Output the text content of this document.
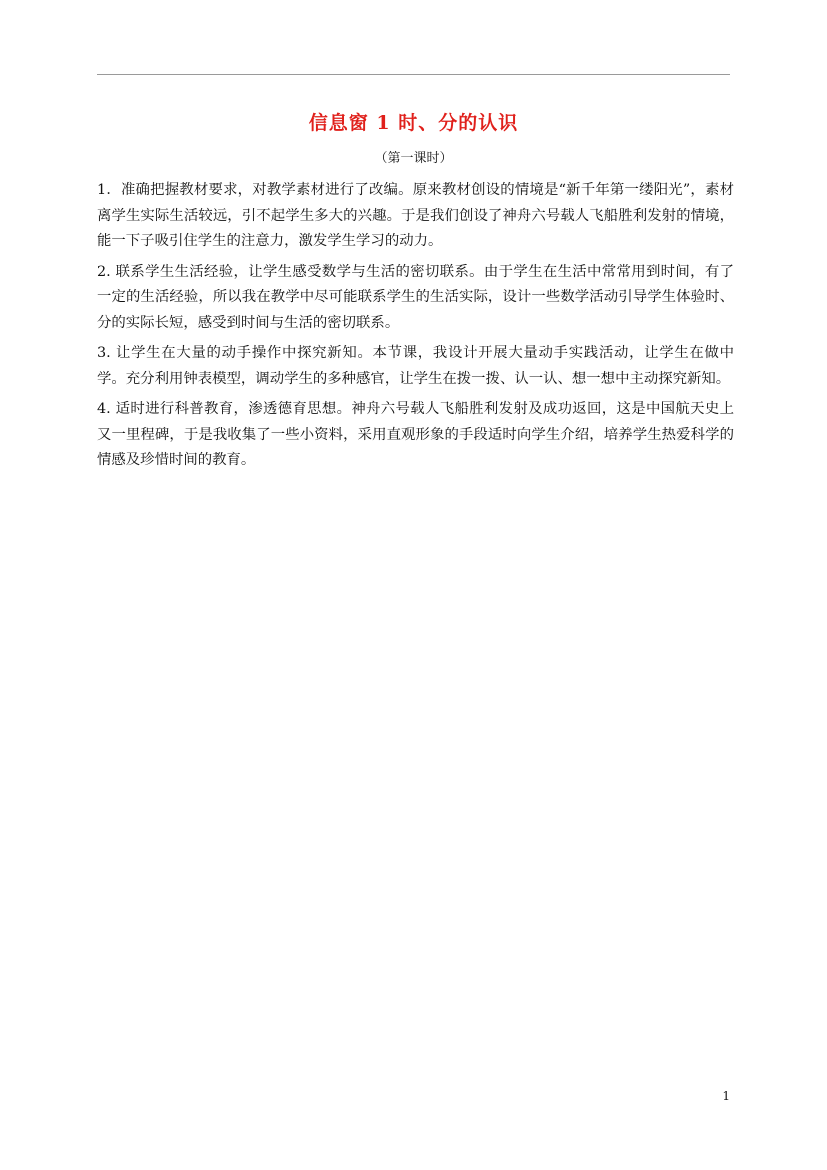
信息窗 1 时、分的认识
（第一课时）

1．准确把握教材要求，对教学素材进行了改编。原来教材创设的情境是“新千年第一缕阳光”，素材离学生实际生活较远，引不起学生多大的兴趣。于是我们创设了神舟六号载人飞船胜利发射的情境，能一下子吸引住学生的注意力，激发学生学习的动力。

2. 联系学生生活经验，让学生感受数学与生活的密切联系。由于学生在生活中常常用到时间，有了一定的生活经验，所以我在教学中尽可能联系学生的生活实际，设计一些数学活动引导学生体验时、分的实际长短，感受到时间与生活的密切联系。

3. 让学生在大量的动手操作中探究新知。本节课，我设计开展大量动手实践活动，让学生在做中学。充分利用钟表模型，调动学生的多种感官，让学生在拨一拨、认一认、想一想中主动探究新知。

4. 适时进行科普教育，渗透德育思想。神舟六号载人飞船胜利发射及成功返回，这是中国航天史上又一里程碑，于是我收集了一些小资料，采用直观形象的手段适时向学生介绍，培养学生热爱科学的情感及珍惜时间的教育。

1
